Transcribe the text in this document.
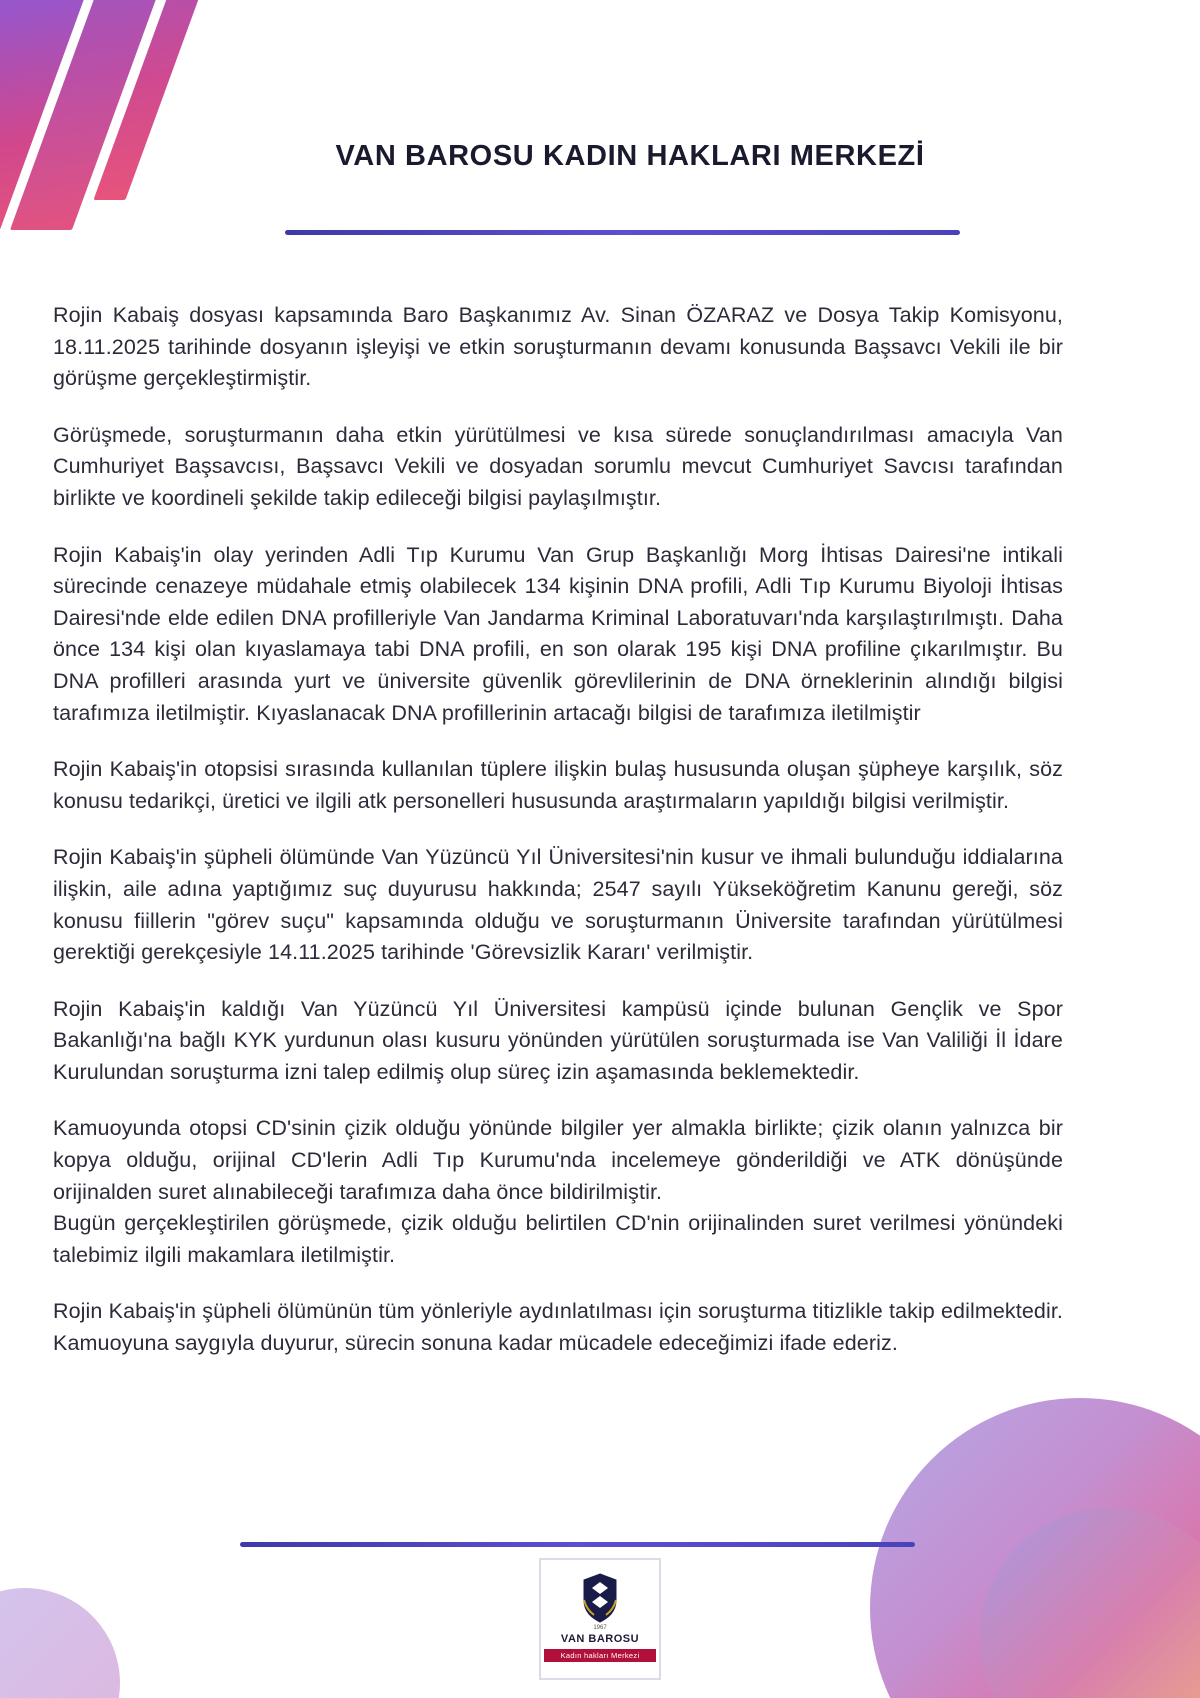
VAN BAROSU KADIN HAKLARI MERKEZİ

Rojin Kabaiş dosyası kapsamında Baro Başkanımız Av. Sinan ÖZARAZ ve Dosya Takip Komisyonu, 18.11.2025 tarihinde dosyanın işleyişi ve etkin soruşturmanın devamı konusunda Başsavcı Vekili ile bir görüşme gerçekleştirmiştir.

Görüşmede, soruşturmanın daha etkin yürütülmesi ve kısa sürede sonuçlandırılması amacıyla Van Cumhuriyet Başsavcısı, Başsavcı Vekili ve dosyadan sorumlu mevcut Cumhuriyet Savcısı tarafından birlikte ve koordineli şekilde takip edileceği bilgisi paylaşılmıştır.

Rojin Kabaiş'in olay yerinden Adli Tıp Kurumu Van Grup Başkanlığı Morg İhtisas Dairesi'ne intikali sürecinde cenazeye müdahale etmiş olabilecek 134 kişinin DNA profili, Adli Tıp Kurumu Biyoloji İhtisas Dairesi'nde elde edilen DNA profilleriyle Van Jandarma Kriminal Laboratuvarı'nda karşılaştırılmıştı. Daha önce 134 kişi olan kıyaslamaya tabi DNA profili, en son olarak 195 kişi DNA profiline çıkarılmıştır. Bu DNA profilleri arasında yurt ve üniversite güvenlik görevlilerinin de DNA örneklerinin alındığı bilgisi tarafımıza iletilmiştir. Kıyaslanacak DNA profillerinin artacağı bilgisi de tarafımıza iletilmiştir

Rojin Kabaiş'in otopsisi sırasında kullanılan tüplere ilişkin bulaş hususunda oluşan şüpheye karşılık, söz konusu tedarikçi, üretici ve ilgili atk personelleri hususunda araştırmaların yapıldığı bilgisi verilmiştir.

Rojin Kabaiş'in şüpheli ölümünde Van Yüzüncü Yıl Üniversitesi'nin kusur ve ihmali bulunduğu iddialarına ilişkin, aile adına yaptığımız suç duyurusu hakkında; 2547 sayılı Yükseköğretim Kanunu gereği, söz konusu fiillerin "görev suçu" kapsamında olduğu ve soruşturmanın Üniversite tarafından yürütülmesi gerektiği gerekçesiyle 14.11.2025 tarihinde 'Görevsizlik Kararı' verilmiştir.

Rojin Kabaiş'in kaldığı Van Yüzüncü Yıl Üniversitesi kampüsü içinde bulunan Gençlik ve Spor Bakanlığı'na bağlı KYK yurdunun olası kusuru yönünden yürütülen soruşturmada ise Van Valiliği İl İdare Kurulundan soruşturma izni talep edilmiş olup süreç izin aşamasında beklemektedir.

Kamuoyunda otopsi CD'sinin çizik olduğu yönünde bilgiler yer almakla birlikte; çizik olanın yalnızca bir kopya olduğu, orijinal CD'lerin Adli Tıp Kurumu'nda incelemeye gönderildiği ve ATK dönüşünde orijinalden suret alınabileceği tarafımıza daha önce bildirilmiştir.

Bugün gerçekleştirilen görüşmede, çizik olduğu belirtilen CD'nin orijinalinden suret verilmesi yönündeki talebimiz ilgili makamlara iletilmiştir.

Rojin Kabaiş'in şüpheli ölümünün tüm yönleriyle aydınlatılması için soruşturma titizlikle takip edilmektedir. Kamuoyuna saygıyla duyurur, sürecin sonuna kadar mücadele edeceğimizi ifade ederiz.

1967
VAN BAROSU
Kadın hakları Merkezi
